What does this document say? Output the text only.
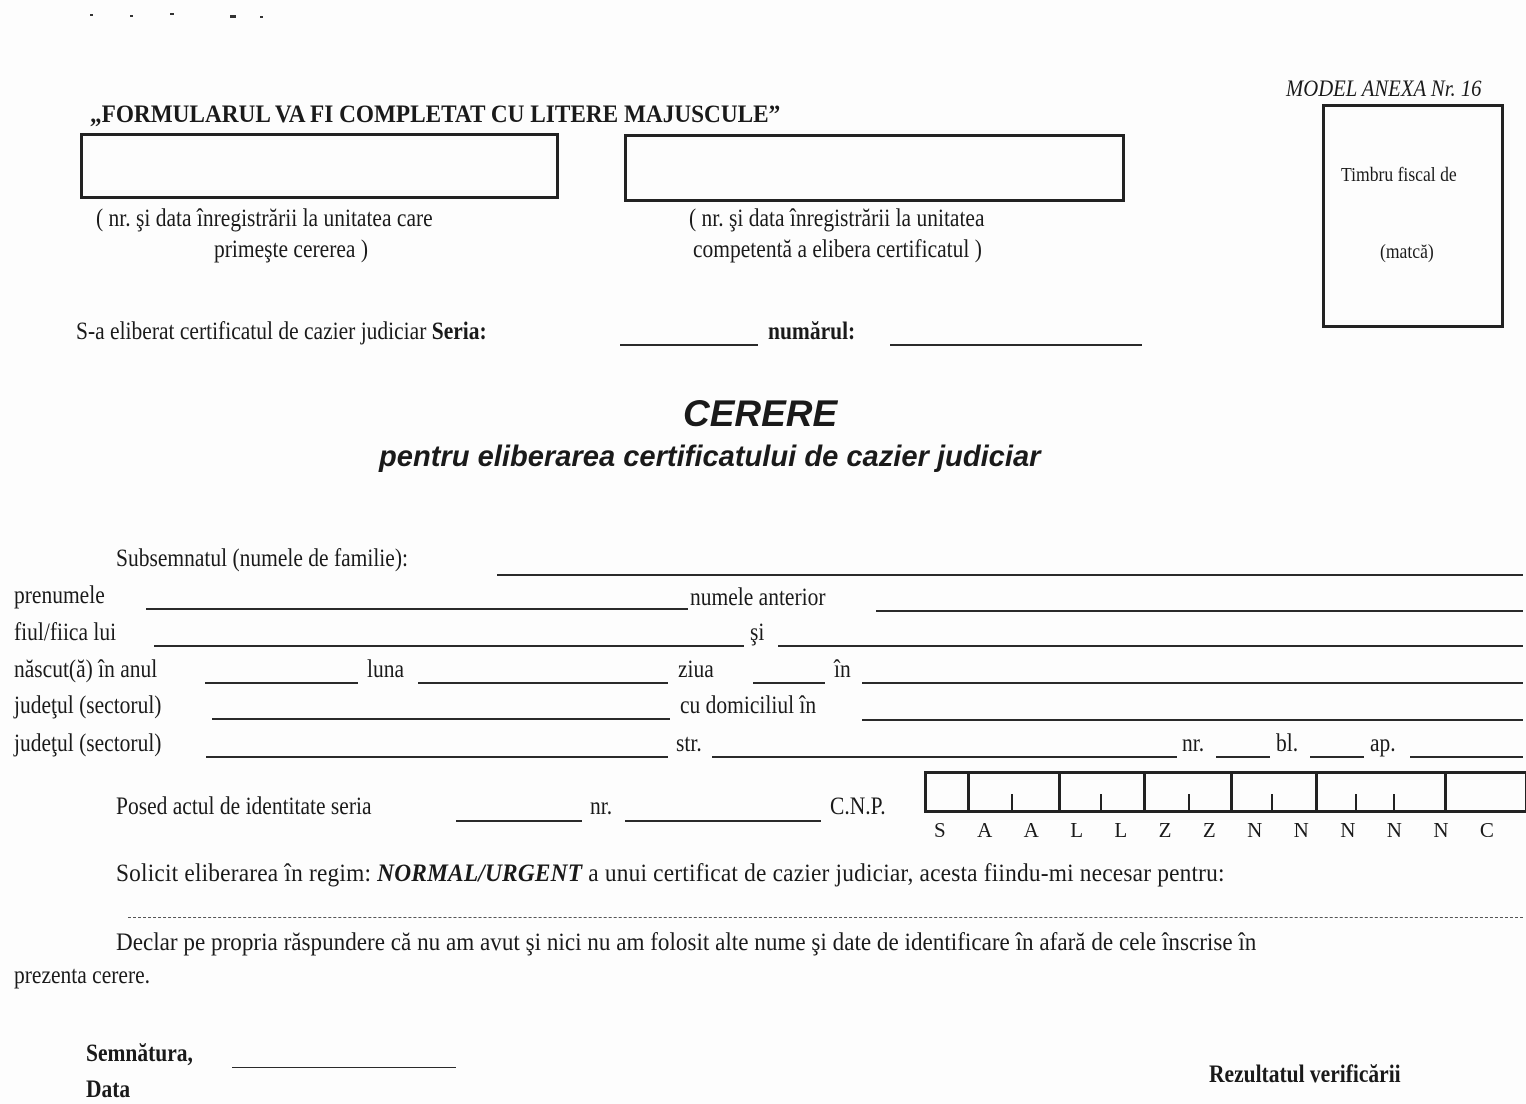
„FORMULARUL VA FI COMPLETAT CU LITERE MAJUSCULE”
MODEL ANEXA Nr. 16
( nr. şi data înregistrării la unitatea care
primeşte cererea )
( nr. şi data înregistrării la unitatea
competentă a elibera certificatul )
Timbru fiscal de
(matcă)
S-a eliberat certificatul de cazier judiciar Seria:	numărul:
CERERE
pentru eliberarea certificatului de cazier judiciar
Subsemnatul (numele de familie):
prenumele	numele anterior
fiul/fiica lui	şi
născut(ă) în anul	luna	ziua	în
judeţul (sectorul)	cu domiciliul în
judeţul (sectorul)	str.	nr.	bl.	ap.
Posed actul de identitate seria	nr.	C.N.P.
S A A L L Z Z N N N N N C
Solicit eliberarea în regim: NORMAL/URGENT a unui certificat de cazier judiciar, acesta fiindu-mi necesar pentru:
Declar pe propria răspundere că nu am avut şi nici nu am folosit alte nume şi date de identificare în afară de cele înscrise în
prezenta cerere.
Semnătura,
Data
Rezultatul verificării
